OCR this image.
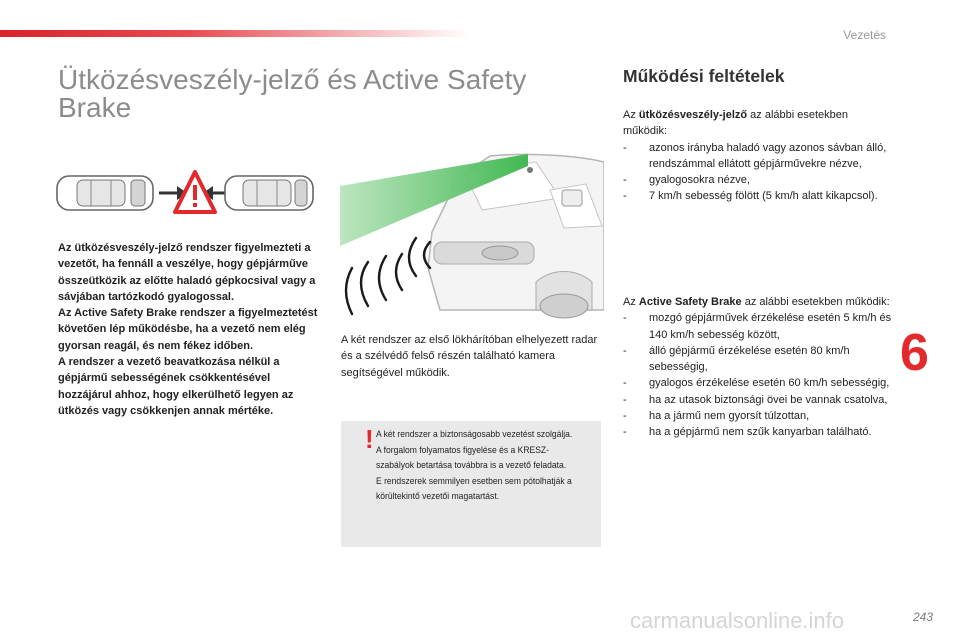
Vezetés
Ütközésveszély-jelző és Active Safety Brake

Az ütközésveszély-jelző rendszer figyelmezteti a vezetőt, ha fennáll a veszélye, hogy gépjárműve összeütközik az előtte haladó gépkocsival vagy a sávjában tartózkodó gyalogossal.

Az Active Safety Brake rendszer a figyelmeztetést követően lép működésbe, ha a vezető nem elég gyorsan reagál, és nem fékez időben.

A rendszer a vezető beavatkozása nélkül a gépjármű sebességének csökkentésével hozzájárul ahhoz, hogy elkerülhető legyen az ütközés vagy csökkenjen annak mértéke.

A két rendszer az első lökhárítóban elhelyezett radar és a szélvédő felső részén található kamera segítségével működik.

! A két rendszer a biztonságosabb vezetést szolgálja.

A forgalom folyamatos figyelése és a KRESZ-szabályok betartása továbbra is a vezető feladata.

E rendszerek semmilyen esetben sem pótolhatják a körültekintő vezetői magatartást.

Működési feltételek

Az ütközésveszély-jelző az alábbi esetekben működik:

- azonos irányba haladó vagy azonos sávban álló, rendszámmal ellátott gépjárművekre nézve,
- gyalogosokra nézve,
- 7 km/h sebesség fölött (5 km/h alatt kikapcsol).

Az Active Safety Brake az alábbi esetekben működik:

- mozgó gépjárművek érzékelése esetén 5 km/h és 140 km/h sebesség között,
- álló gépjármű érzékelése esetén 80 km/h sebességig,
- gyalogos érzékelése esetén 60 km/h sebességig,
- ha az utasok biztonsági övei be vannak csatolva,
- ha a jármű nem gyorsít túlzottan,
- ha a gépjármű nem szűk kanyarban található.
6
carmanualsonline.info	243
